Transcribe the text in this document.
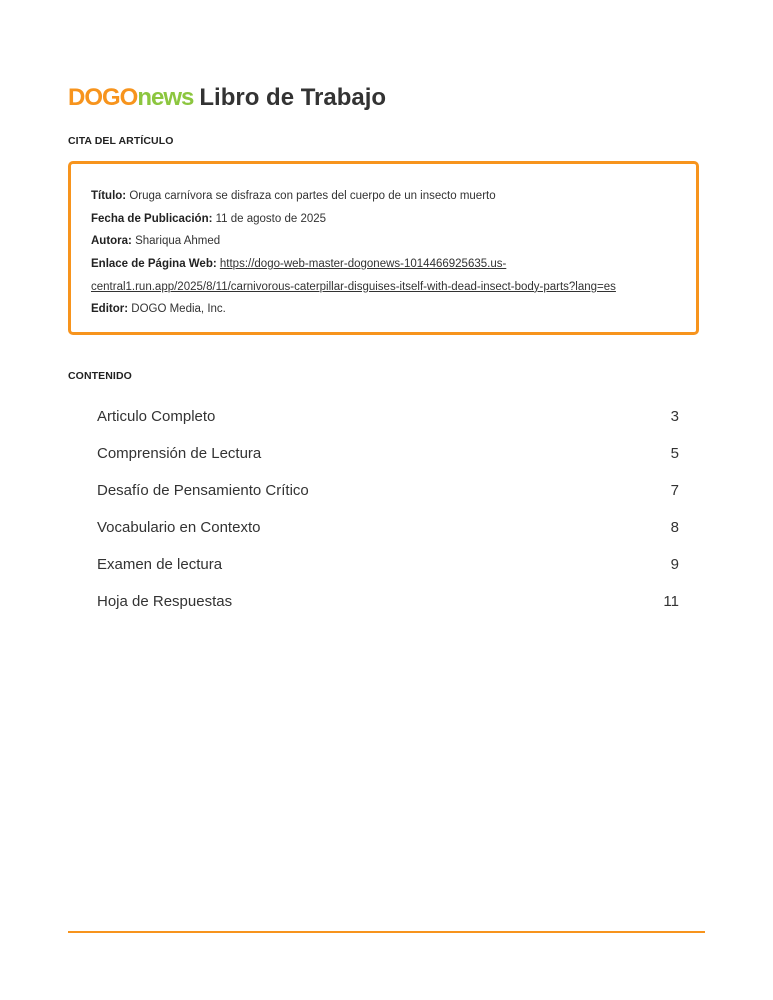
DOGOnews Libro de Trabajo
CITA DEL ARTÍCULO
Título: Oruga carnívora se disfraza con partes del cuerpo de un insecto muerto
Fecha de Publicación: 11 de agosto de 2025
Autora: Shariqua Ahmed
Enlace de Página Web: https://dogo-web-master-dogonews-1014466925635.us-
central1.run.app/2025/8/11/carnivorous-caterpillar-disguises-itself-with-dead-insect-body-parts?lang=es
Editor: DOGO Media, Inc.
CONTENIDO
Articulo Completo	3
Comprensión de Lectura	5
Desafío de Pensamiento Crítico	7
Vocabulario en Contexto	8
Examen de lectura	9
Hoja de Respuestas	11
